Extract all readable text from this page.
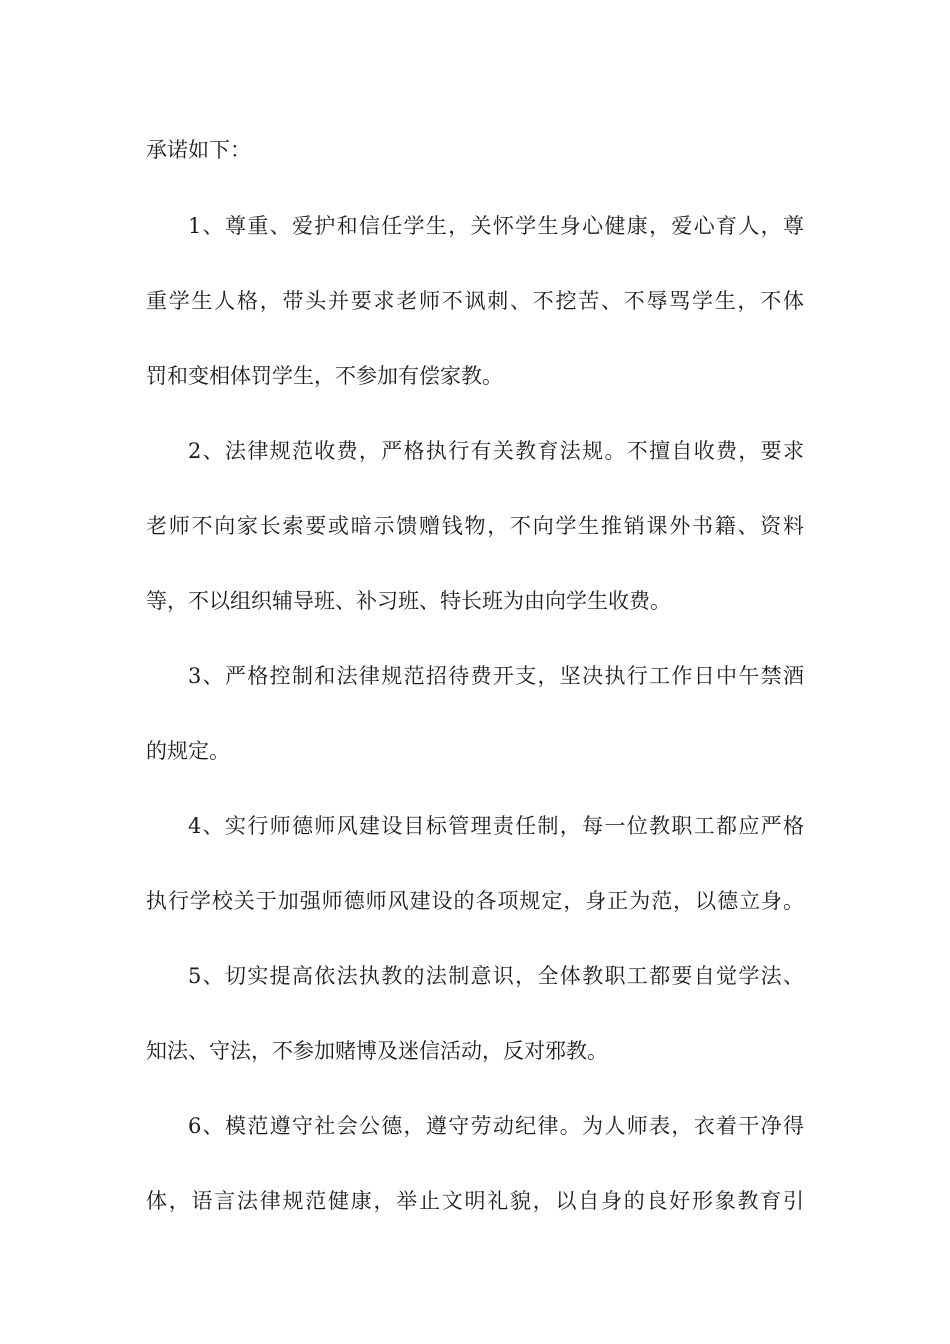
承诺如下：
1、尊重、爱护和信任学生，关怀学生身心健康，爱心育人，尊
重学生人格，带头并要求老师不讽刺、不挖苦、不辱骂学生，不体
罚和变相体罚学生，不参加有偿家教。
2、法律规范收费，严格执行有关教育法规。不擅自收费，要求
老师不向家长索要或暗示馈赠钱物，不向学生推销课外书籍、资料
等，不以组织辅导班、补习班、特长班为由向学生收费。
3、严格控制和法律规范招待费开支，坚决执行工作日中午禁酒
的规定。
4、实行师德师风建设目标管理责任制，每一位教职工都应严格
执行学校关于加强师德师风建设的各项规定，身正为范，以德立身。
5、切实提高依法执教的法制意识，全体教职工都要自觉学法、
知法、守法，不参加赌博及迷信活动，反对邪教。
6、模范遵守社会公德，遵守劳动纪律。为人师表，衣着干净得
体，语言法律规范健康，举止文明礼貌，以自身的良好形象教育引
